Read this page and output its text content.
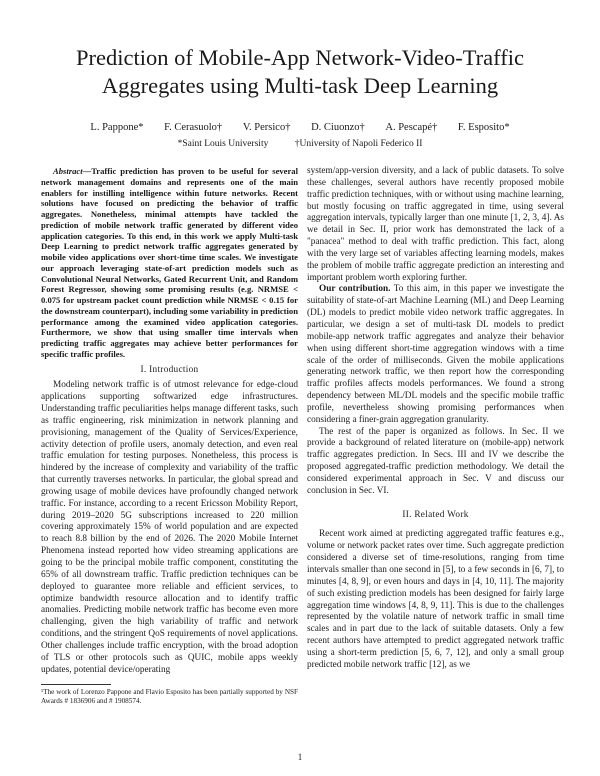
Prediction of Mobile-App Network-Video-Traffic
Aggregates using Multi-task Deep Learning
L. Pappone* F. Cerasuolo† V. Persico† D. Ciuonzo† A. Pescapé† F. Esposito*
*Saint Louis University	†University of Napoli Federico II

Abstract—Traffic prediction has proven to be useful for several network management domains and represents one of the main enablers for instilling intelligence within future networks. Recent solutions have focused on predicting the behavior of traffic aggregates. Nonetheless, minimal attempts have tackled the prediction of mobile network traffic generated by different video application categories. To this end, in this work we apply Multi-task Deep Learning to predict network traffic aggregates generated by mobile video applications over short-time time scales. We investigate our approach leveraging state-of-art prediction models such as Convolutional Neural Networks, Gated Recurrent Unit, and Random Forest Regressor, showing some promising results (e.g. NRMSE < 0.075 for upstream packet count prediction while NRMSE < 0.15 for the downstream counterpart), including some variability in prediction performance among the examined video application categories. Furthermore, we show that using smaller time intervals when predicting traffic aggregates may achieve better performances for specific traffic profiles.

I. Introduction

Modeling network traffic is of utmost relevance for edge-cloud applications supporting softwarized edge infrastructures. Understanding traffic peculiarities helps manage different tasks, such as traffic engineering, risk minimization in network planning and provisioning, management of the Quality of Services/Experience, activity detection of profile users, anomaly detection, and even real traffic emulation for testing purposes. Nonetheless, this process is hindered by the increase of complexity and variability of the traffic that currently traverses networks. In particular, the global spread and growing usage of mobile devices have profoundly changed network traffic. For instance, according to a recent Ericsson Mobility Report, during 2019–2020 5G subscriptions increased to 220 million covering approximately 15% of world population and are expected to reach 8.8 billion by the end of 2026. The 2020 Mobile Internet Phenomena instead reported how video streaming applications are going to be the principal mobile traffic component, constituting the 65% of all downstream traffic. Traffic prediction techniques can be deployed to guarantee more reliable and efficient services, to optimize bandwidth resource allocation and to identify traffic anomalies. Predicting mobile network traffic has become even more challenging, given the high variability of traffic and network conditions, and the stringent QoS requirements of novel applications. Other challenges include traffic encryption, with the broad adoption of TLS or other protocols such as QUIC, mobile apps weekly updates, potential device/operating

¹The work of Lorenzo Pappone and Flavio Esposito has been partially supported by NSF Awards # 1836906 and # 1908574.

system/app-version diversity, and a lack of public datasets. To solve these challenges, several authors have recently proposed mobile traffic prediction techniques, with or without using machine learning, but mostly focusing on traffic aggregated in time, using several aggregation intervals, typically larger than one minute [1, 2, 3, 4]. As we detail in Sec. II, prior work has demonstrated the lack of a "panacea" method to deal with traffic prediction. This fact, along with the very large set of variables affecting learning models, makes the problem of mobile traffic aggregate prediction an interesting and important problem worth exploring further.

Our contribution. To this aim, in this paper we investigate the suitability of state-of-art Machine Learning (ML) and Deep Learning (DL) models to predict mobile video network traffic aggregates. In particular, we design a set of multi-task DL models to predict mobile-app network traffic aggregates and analyze their behavior when using different short-time aggregation windows with a time scale of the order of milliseconds. Given the mobile applications generating network traffic, we then report how the corresponding traffic profiles affects models performances. We found a strong dependency between ML/DL models and the specific mobile traffic profile, nevertheless showing promising performances when considering a finer-grain aggregation granularity.

The rest of the paper is organized as follows. In Sec. II we provide a background of related literature on (mobile-app) network traffic aggregates prediction. In Secs. III and IV we describe the proposed aggregated-traffic prediction methodology. We detail the considered experimental approach in Sec. V and discuss our conclusion in Sec. VI.

II. Related Work

Recent work aimed at predicting aggregated traffic features e.g., volume or network packet rates over time. Such aggregate prediction considered a diverse set of time-resolutions, ranging from time intervals smaller than one second in [5], to a few seconds in [6, 7], to minutes [4, 8, 9], or even hours and days in [4, 10, 11]. The majority of such existing prediction models has been designed for fairly large aggregation time windows [4, 8, 9, 11]. This is due to the challenges represented by the volatile nature of network traffic in small time scales and in part due to the lack of suitable datasets. Only a few recent authors have attempted to predict aggregated network traffic using a short-term prediction [5, 6, 7, 12], and only a small group predicted mobile network traffic [12], as we

1
